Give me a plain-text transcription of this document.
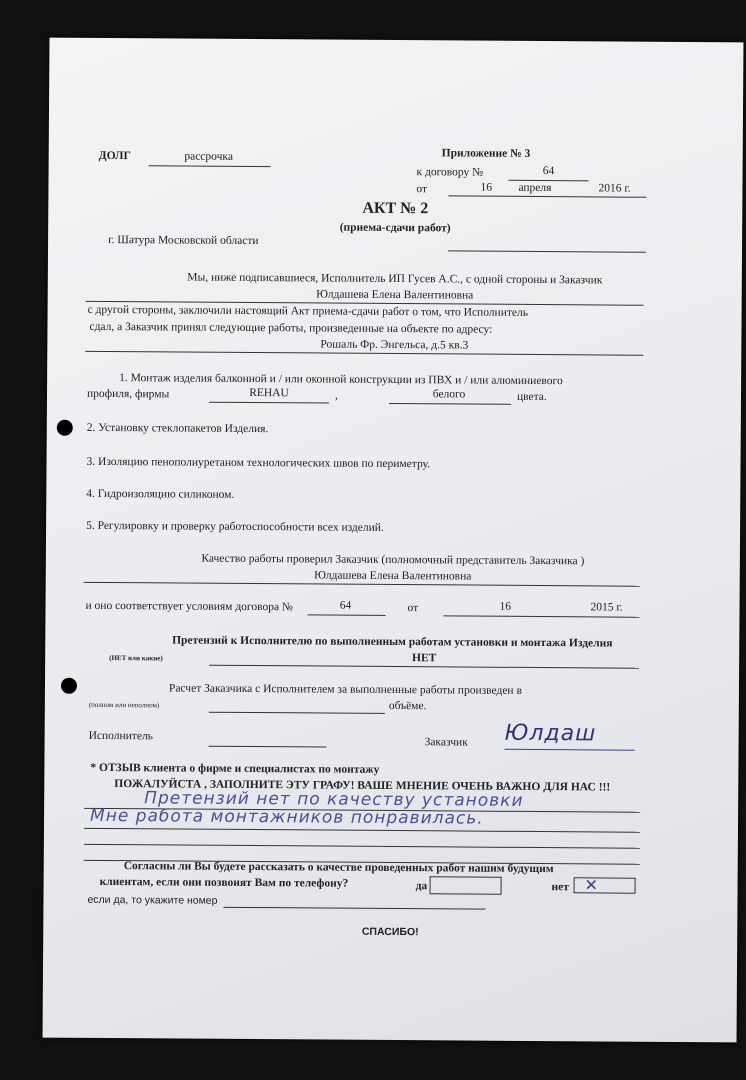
ДОЛГ	рассрочка	Приложение № 3
к договору №	64
от	16 апреля	2016 г.
АКТ № 2
(приема-сдачи работ)
г. Шатура Московской области
Мы, ниже подписавшиеся, Исполнитель ИП Гусев А.С., с одной стороны и Заказчик
Юлдашева Елена Валентиновна
с другой стороны, заключили настоящий Акт приема-сдачи работ о том, что Исполнитель
сдал, а Заказчик принял следующие работы, произведенные на объекте по адресу:
Рошаль Фр. Энгельса, д.5 кв.3
1. Монтаж изделия балконной и / или оконной конструкции из ПВХ и / или алюминиевого
профиля, фирмы	REHAU	,	белого	цвета.
2. Установку стеклопакетов Изделия.
3. Изоляцию пенополиуретаном технологических швов по периметру.
4. Гидроизоляцию силиконом.
5. Регулировку и проверку работоспособности всех изделий.
Качество работы проверил Заказчик (полномочный представитель Заказчика )
Юлдашева Елена Валентиновна
и оно соответствует условиям договора №	64	от	16	2015 г.
Претензий к Исполнителю по выполненным работам установки и монтажа Изделия
(НЕТ или какие)	НЕТ
Расчет Заказчика с Исполнителем за выполненные работы произведен в
(полном или неполном)	объёме.
Исполнитель
Заказчик Юлдаш
* ОТЗЫВ клиента о фирме и специалистах по монтажу
ПОЖАЛУЙСТА , ЗАПОЛНИТЕ ЭТУ ГРАФУ! ВАШЕ МНЕНИЕ ОЧЕНЬ ВАЖНО ДЛЯ НАС !!!
Претензий нет по качеству установки
Мне работа монтажников понравилась.
Согласны ли Вы будете рассказать о качестве проведенных работ нашим будущим
клиентам, если они позвонят Вам по телефону?	да	нет ✕
если да, то укажите номер
СПАСИБО!
